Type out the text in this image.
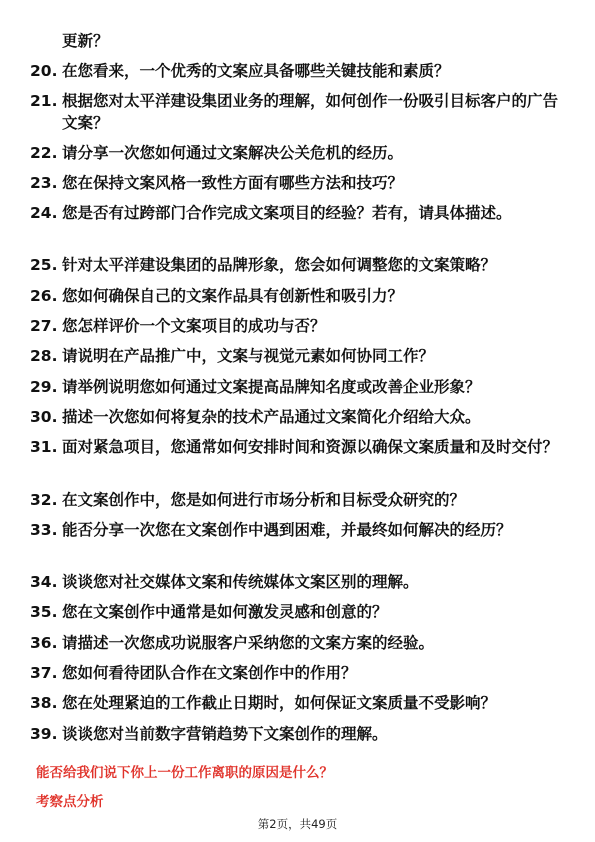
更新？
20. 在您看来，一个优秀的文案应具备哪些关键技能和素质？
21. 根据您对太平洋建设集团业务的理解，如何创作一份吸引目标客户的广告文案？
22. 请分享一次您如何通过文案解决公关危机的经历。
23. 您在保持文案风格一致性方面有哪些方法和技巧？
24. 您是否有过跨部门合作完成文案项目的经验？若有，请具体描述。
25. 针对太平洋建设集团的品牌形象，您会如何调整您的文案策略？
26. 您如何确保自己的文案作品具有创新性和吸引力？
27. 您怎样评价一个文案项目的成功与否？
28. 请说明在产品推广中，文案与视觉元素如何协同工作？
29. 请举例说明您如何通过文案提高品牌知名度或改善企业形象？
30. 描述一次您如何将复杂的技术产品通过文案简化介绍给大众。
31. 面对紧急项目，您通常如何安排时间和资源以确保文案质量和及时交付？
32. 在文案创作中，您是如何进行市场分析和目标受众研究的？
33. 能否分享一次您在文案创作中遇到困难，并最终如何解决的经历？
34. 谈谈您对社交媒体文案和传统媒体文案区别的理解。
35. 您在文案创作中通常是如何激发灵感和创意的？
36. 请描述一次您成功说服客户采纳您的文案方案的经验。
37. 您如何看待团队合作在文案创作中的作用？
38. 您在处理紧迫的工作截止日期时，如何保证文案质量不受影响？
39. 谈谈您对当前数字营销趋势下文案创作的理解。
能否给我们说下你上一份工作离职的原因是什么？
考察点分析
第2页，共49页
